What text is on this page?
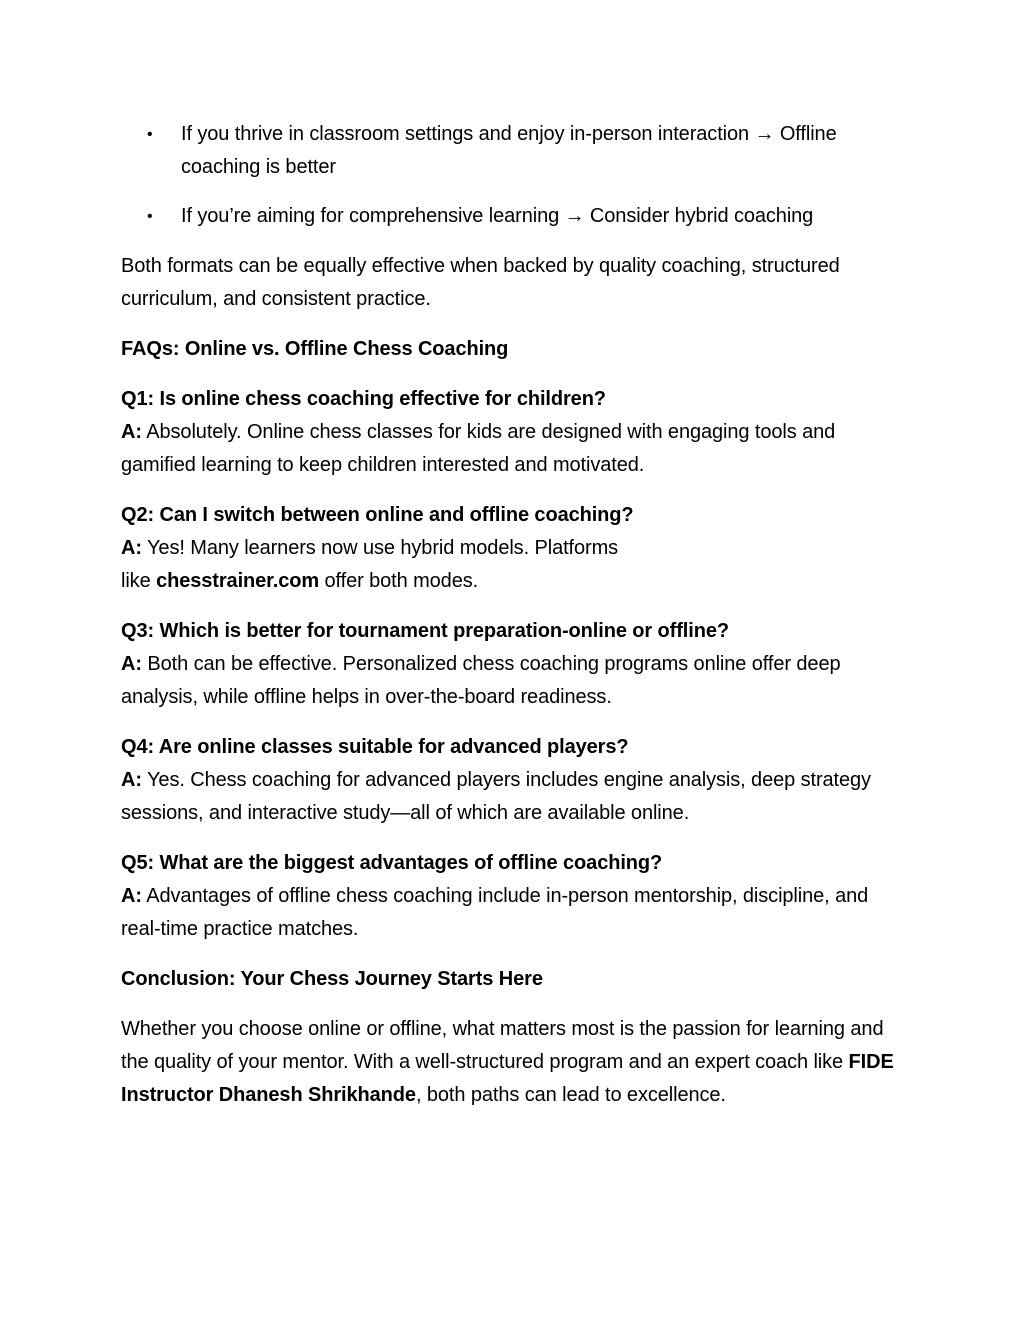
• If you thrive in classroom settings and enjoy in-person interaction → Offline coaching is better
• If you’re aiming for comprehensive learning → Consider hybrid coaching

Both formats can be equally effective when backed by quality coaching, structured curriculum, and consistent practice.

FAQs: Online vs. Offline Chess Coaching

Q1: Is online chess coaching effective for children?
A: Absolutely. Online chess classes for kids are designed with engaging tools and gamified learning to keep children interested and motivated.

Q2: Can I switch between online and offline coaching?
A: Yes! Many learners now use hybrid models. Platforms
like chesstrainer.com offer both modes.

Q3: Which is better for tournament preparation-online or offline?
A: Both can be effective. Personalized chess coaching programs online offer deep analysis, while offline helps in over-the-board readiness.

Q4: Are online classes suitable for advanced players?
A: Yes. Chess coaching for advanced players includes engine analysis, deep strategy sessions, and interactive study—all of which are available online.

Q5: What are the biggest advantages of offline coaching?
A: Advantages of offline chess coaching include in-person mentorship, discipline, and real-time practice matches.

Conclusion: Your Chess Journey Starts Here

Whether you choose online or offline, what matters most is the passion for learning and the quality of your mentor. With a well-structured program and an expert coach like FIDE Instructor Dhanesh Shrikhande, both paths can lead to excellence.
